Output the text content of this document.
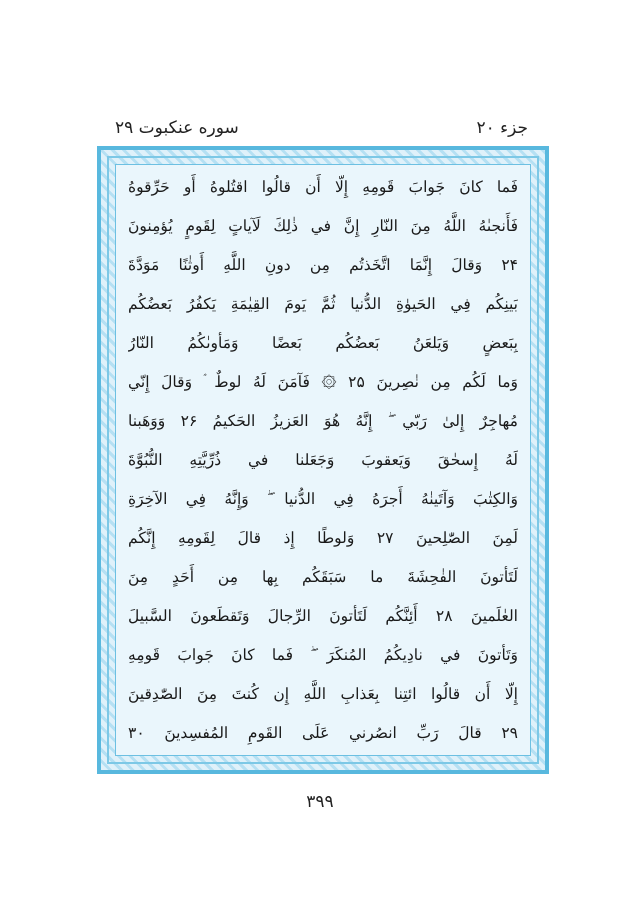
سوره عنکبوت ۲۹	جزء ۲۰
فَما كانَ جَوابَ قَومِهِ إِلّا أَن قالُوا اقتُلوهُ أَو حَرِّقوهُ
فَأَنجىٰهُ اللَّهُ مِنَ النّارِ إِنَّ في ذٰلِكَ لَآياتٍ لِقَومٍ يُؤمِنونَ
۲۴ وَقالَ إِنَّمَا اتَّخَذتُم مِن دونِ اللَّهِ أَوثٰنًا مَوَدَّةَ
بَينِكُم فِي الحَيوٰةِ الدُّنيا ثُمَّ يَومَ القِيٰمَةِ يَكفُرُ بَعضُكُم
بِبَعضٍ وَيَلعَنُ بَعضُكُم بَعضًا وَمَأوىٰكُمُ النّارُ
وَما لَكُم مِن نٰصِرينَ ۲۵ ۞ فَآمَنَ لَهُ لوطٌ ۘ وَقالَ إِنّي
مُهاجِرٌ إِلىٰ رَبّي ۖ إِنَّهُ هُوَ العَزيزُ الحَكيمُ ۲۶ وَوَهَبنا
لَهُ إِسحٰقَ وَيَعقوبَ وَجَعَلنا في ذُرِّيَّتِهِ النُّبُوَّةَ
وَالكِتٰبَ وَآتَينٰهُ أَجرَهُ فِي الدُّنيا ۖ وَإِنَّهُ فِي الآخِرَةِ
لَمِنَ الصّٰلِحينَ ۲۷ وَلوطًا إِذ قالَ لِقَومِهِ إِنَّكُم
لَتَأتونَ الفٰحِشَةَ ما سَبَقَكُم بِها مِن أَحَدٍ مِنَ
العٰلَمينَ ۲۸ أَئِنَّكُم لَتَأتونَ الرِّجالَ وَتَقطَعونَ السَّبيلَ
وَتَأتونَ في نادِيكُمُ المُنكَرَ ۖ فَما كانَ جَوابَ قَومِهِ
إِلّا أَن قالُوا ائتِنا بِعَذابِ اللَّهِ إِن كُنتَ مِنَ الصّٰدِقينَ
۲۹ قالَ رَبِّ انصُرني عَلَى القَومِ المُفسِدينَ ۳۰
۳۹۹
